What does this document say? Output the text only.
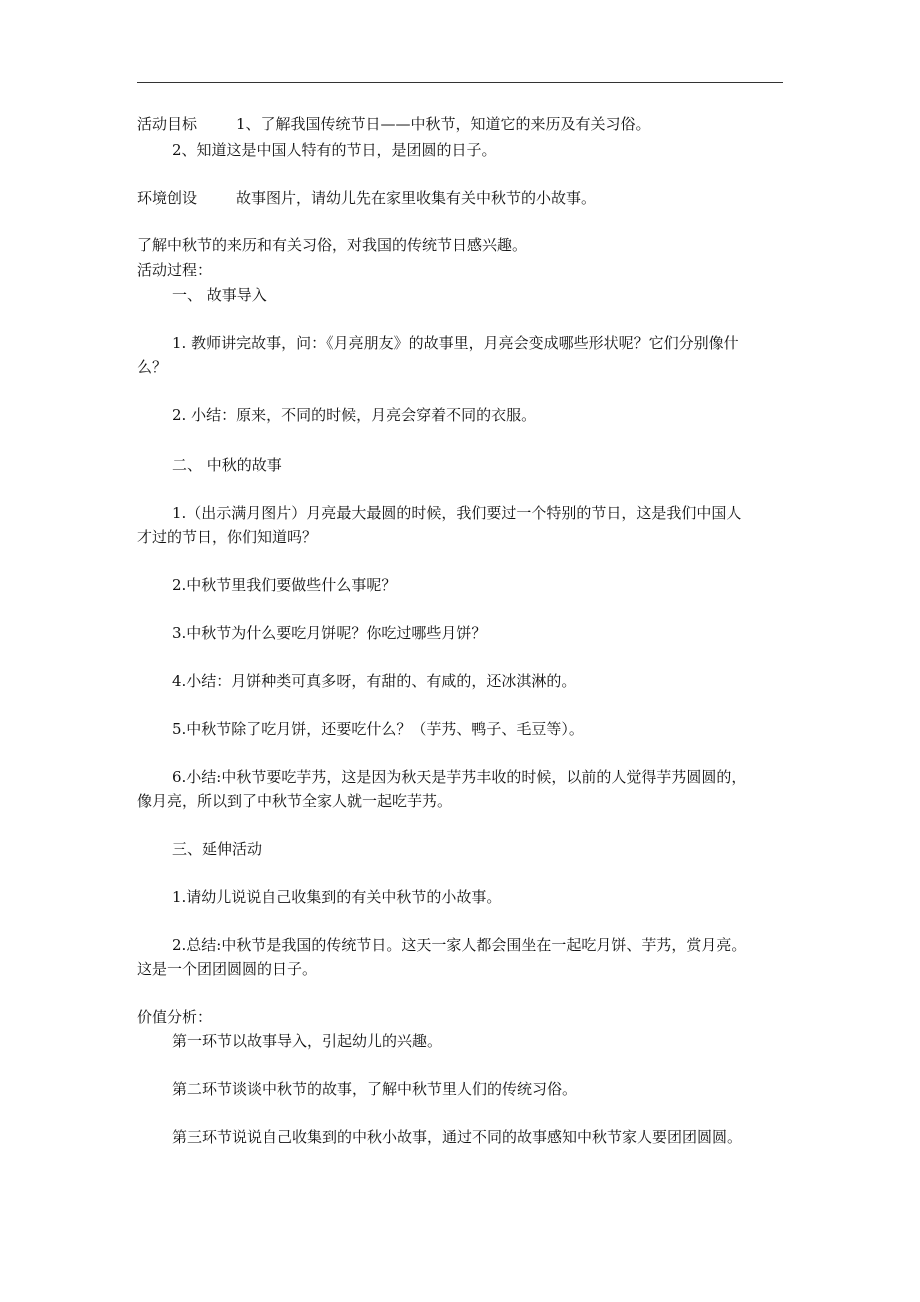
活动目标	1、了解我国传统节日——中秋节，知道它的来历及有关习俗。
2、知道这是中国人特有的节日，是团圆的日子。
环境创设	故事图片，请幼儿先在家里收集有关中秋节的小故事。
了解中秋节的来历和有关习俗，对我国的传统节日感兴趣。
活动过程：
一、 故事导入
1. 教师讲完故事，问：《月亮朋友》的故事里，月亮会变成哪些形状呢？它们分别像什
么？
2. 小结：原来，不同的时候，月亮会穿着不同的衣服。
二、 中秋的故事
1.（出示满月图片）月亮最大最圆的时候，我们要过一个特别的节日，这是我们中国人
才过的节日，你们知道吗？
2.中秋节里我们要做些什么事呢？
3.中秋节为什么要吃月饼呢？你吃过哪些月饼？
4.小结：月饼种类可真多呀，有甜的、有咸的，还冰淇淋的。
5.中秋节除了吃月饼，还要吃什么？（芋艿、鸭子、毛豆等）。
6.小结:中秋节要吃芋艿，这是因为秋天是芋艿丰收的时候，以前的人觉得芋艿圆圆的，
像月亮，所以到了中秋节全家人就一起吃芋艿。
三、延伸活动
1.请幼儿说说自己收集到的有关中秋节的小故事。
2.总结:中秋节是我国的传统节日。这天一家人都会围坐在一起吃月饼、芋艿，赏月亮。
这是一个团团圆圆的日子。
价值分析：
第一环节以故事导入，引起幼儿的兴趣。
第二环节谈谈中秋节的故事，了解中秋节里人们的传统习俗。
第三环节说说自己收集到的中秋小故事，通过不同的故事感知中秋节家人要团团圆圆。
